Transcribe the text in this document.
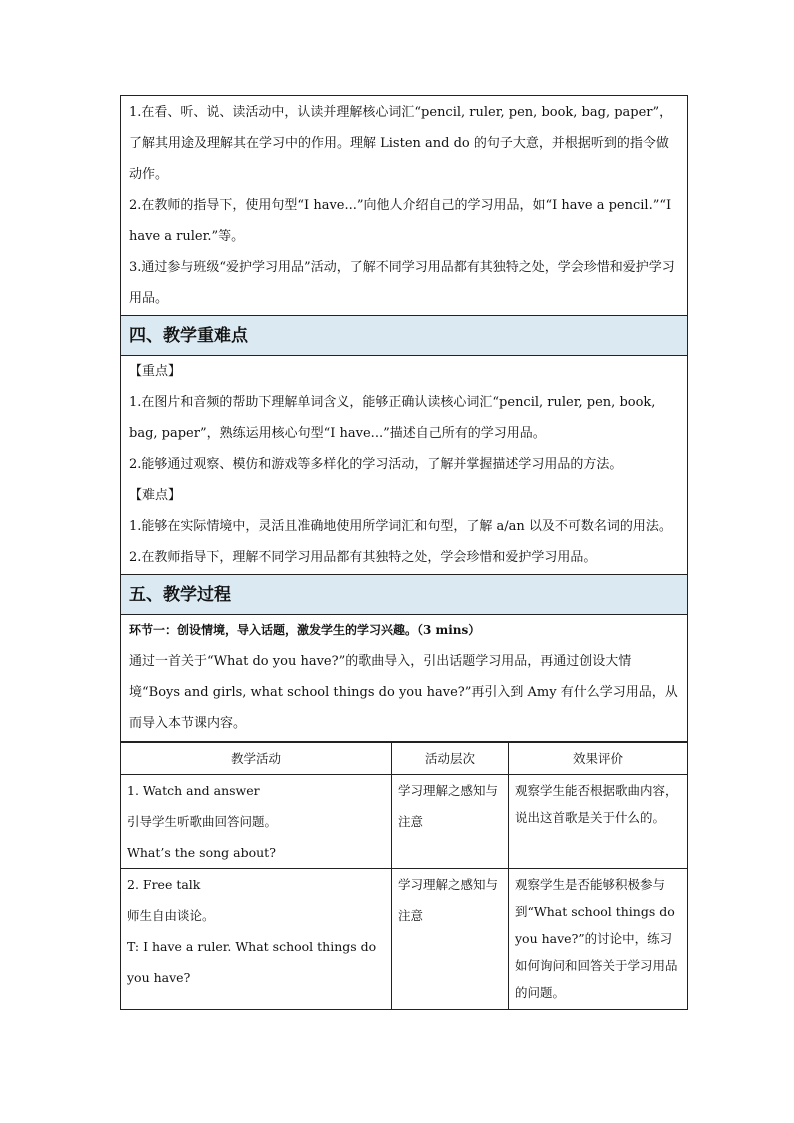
1.在看、听、说、读活动中，认读并理解核心词汇“pencil, ruler, pen, book, bag, paper”，了解其用途及理解其在学习中的作用。理解 Listen and do 的句子大意，并根据听到的指令做动作。

2.在教师的指导下，使用句型“I have...”向他人介绍自己的学习用品，如“I have a pencil.”“I have a ruler.”等。

3.通过参与班级“爱护学习用品”活动，了解不同学习用品都有其独特之处，学会珍惜和爱护学习用品。

四、教学重难点

【重点】

1.在图片和音频的帮助下理解单词含义，能够正确认读核心词汇“pencil, ruler, pen, book, bag, paper”，熟练运用核心句型“I have...”描述自己所有的学习用品。

2.能够通过观察、模仿和游戏等多样化的学习活动，了解并掌握描述学习用品的方法。

【难点】

1.能够在实际情境中，灵活且准确地使用所学词汇和句型，了解 a/an 以及不可数名词的用法。

2.在教师指导下，理解不同学习用品都有其独特之处，学会珍惜和爱护学习用品。

五、教学过程

环节一：创设情境，导入话题，激发学生的学习兴趣。（3 mins）

通过一首关于“What do you have?”的歌曲导入，引出话题学习用品，再通过创设大情境“Boys and girls, what school things do you have?”再引入到 Amy 有什么学习用品，从而导入本节课内容。

教学活动	活动层次	效果评价

1. Watch and answer

引导学生听歌曲回答问题。

What’s the song about?	学习理解之感知与注意	观察学生能否根据歌曲内容，说出这首歌是关于什么的。

2. Free talk

师生自由谈论。

T: I have a ruler. What school things do you have?	学习理解之感知与注意	观察学生是否能够积极参与到“What school things do you have?”的讨论中，练习如何询问和回答关于学习用品的问题。
